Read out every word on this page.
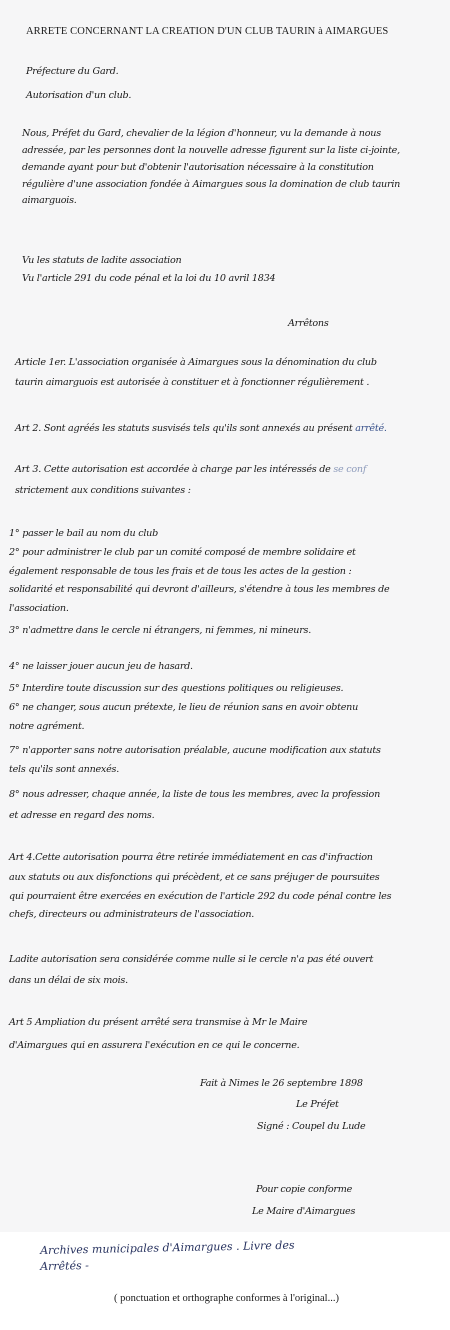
ARRETE CONCERNANT LA CREATION D'UN CLUB TAURIN à AIMARGUES
Préfecture du Gard.
Autorisation d'un club.
Nous, Préfet du Gard, chevalier de la légion d'honneur, vu la demande à nous
adressée, par les personnes dont la nouvelle adresse figurent sur la liste ci-jointe,
demande ayant pour but d'obtenir l'autorisation nécessaire à la constitution
régulière d'une association fondée à Aimargues sous la domination de club taurin
aimarguois.
Vu les statuts de ladite association
Vu l'article 291 du code pénal et la loi du 10 avril 1834
Arrêtons
Article 1er. L'association organisée à Aimargues sous la dénomination du club
taurin aimarguois est autorisée à constituer et à fonctionner régulièrement .
Art 2. Sont agréés les statuts susvisés tels qu'ils sont annexés au présent arrêté.
Art 3. Cette autorisation est accordée à charge par les intéressés de se conf
strictement aux conditions suivantes :
1° passer le bail au nom du club
2° pour administrer le club par un comité composé de membre solidaire et
également responsable de tous les frais et de tous les actes de la gestion :
solidarité et responsabilité qui devront d'ailleurs, s'étendre à tous les membres de
l'association.
3° n'admettre dans le cercle ni étrangers, ni femmes, ni mineurs.
4° ne laisser jouer aucun jeu de hasard.
5° Interdire toute discussion sur des questions politiques ou religieuses.
6° ne changer, sous aucun prétexte, le lieu de réunion sans en avoir obtenu
notre agrément.
7° n'apporter sans notre autorisation préalable, aucune modification aux statuts
tels qu'ils sont annexés.
8° nous adresser, chaque année, la liste de tous les membres, avec la profession
et adresse en regard des noms.
Art 4.Cette autorisation pourra être retirée immédiatement en cas d'infraction
aux statuts ou aux disfonctions qui précèdent, et ce sans préjuger de poursuites
qui pourraient être exercées en exécution de l'article 292 du code pénal contre les
chefs, directeurs ou administrateurs de l'association.
Ladite autorisation sera considérée comme nulle si le cercle n'a pas été ouvert
dans un délai de six mois.
Art 5 Ampliation du présent arrêté sera transmise à Mr le Maire
d'Aimargues qui en assurera l'exécution en ce qui le concerne.
Fait à Nimes le 26 septembre 1898
Le Préfet
Signé : Coupel du Lude
Pour copie conforme
Le Maire d'Aimargues
Archives municipales d'Aimargues . Livre des
Arrêtés -
( ponctuation et orthographe conformes à l'original...)
